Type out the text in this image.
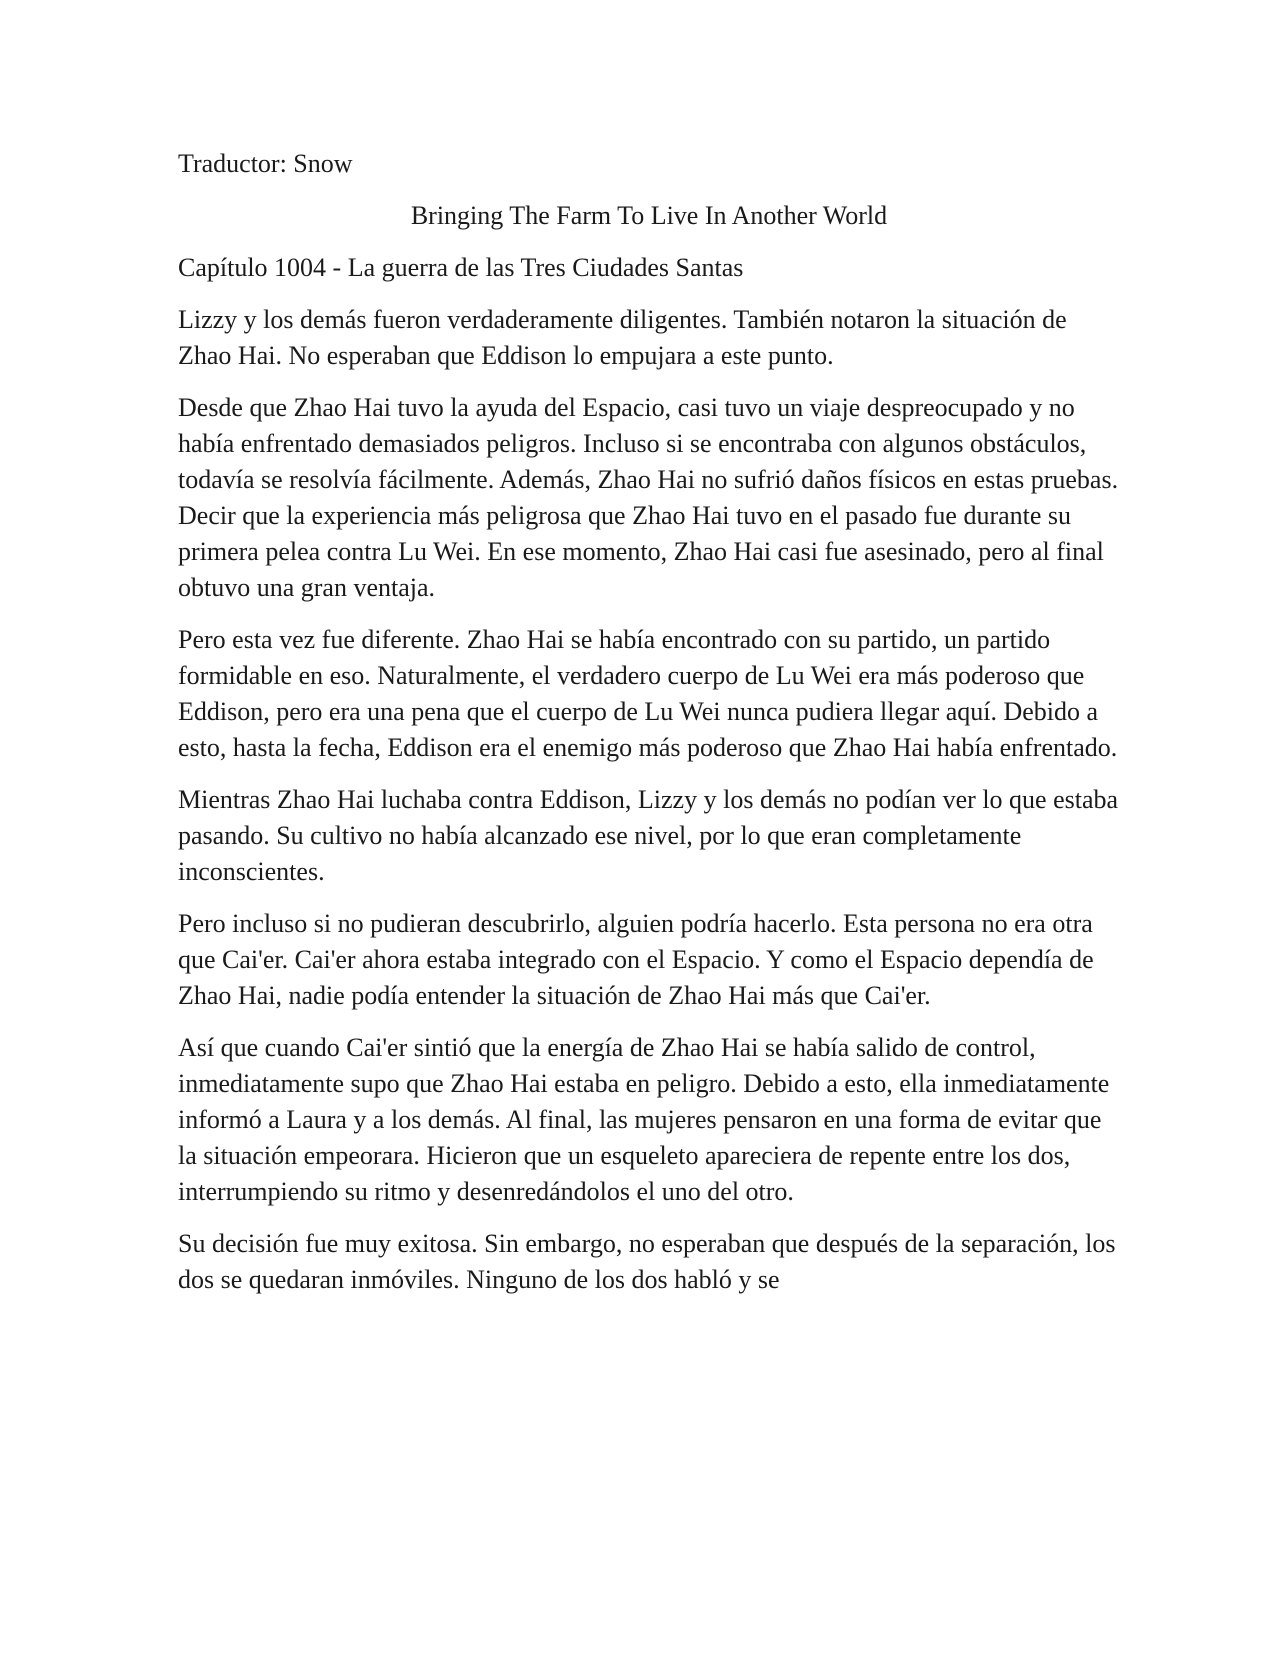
Traductor: Snow

Bringing The Farm To Live In Another World

Capítulo 1004 - La guerra de las Tres Ciudades Santas

Lizzy y los demás fueron verdaderamente diligentes. También notaron la situación de Zhao Hai. No esperaban que Eddison lo empujara a este punto.

Desde que Zhao Hai tuvo la ayuda del Espacio, casi tuvo un viaje despreocupado y no había enfrentado demasiados peligros. Incluso si se encontraba con algunos obstáculos, todavía se resolvía fácilmente. Además, Zhao Hai no sufrió daños físicos en estas pruebas. Decir que la experiencia más peligrosa que Zhao Hai tuvo en el pasado fue durante su primera pelea contra Lu Wei. En ese momento, Zhao Hai casi fue asesinado, pero al final obtuvo una gran ventaja.

Pero esta vez fue diferente. Zhao Hai se había encontrado con su partido, un partido formidable en eso. Naturalmente, el verdadero cuerpo de Lu Wei era más poderoso que Eddison, pero era una pena que el cuerpo de Lu Wei nunca pudiera llegar aquí. Debido a esto, hasta la fecha, Eddison era el enemigo más poderoso que Zhao Hai había enfrentado.

Mientras Zhao Hai luchaba contra Eddison, Lizzy y los demás no podían ver lo que estaba pasando. Su cultivo no había alcanzado ese nivel, por lo que eran completamente inconscientes.

Pero incluso si no pudieran descubrirlo, alguien podría hacerlo. Esta persona no era otra que Cai'er. Cai'er ahora estaba integrado con el Espacio. Y como el Espacio dependía de Zhao Hai, nadie podía entender la situación de Zhao Hai más que Cai'er.

Así que cuando Cai'er sintió que la energía de Zhao Hai se había salido de control, inmediatamente supo que Zhao Hai estaba en peligro. Debido a esto, ella inmediatamente informó a Laura y a los demás. Al final, las mujeres pensaron en una forma de evitar que la situación empeorara. Hicieron que un esqueleto apareciera de repente entre los dos, interrumpiendo su ritmo y desenredándolos el uno del otro.

Su decisión fue muy exitosa. Sin embargo, no esperaban que después de la separación, los dos se quedaran inmóviles. Ninguno de los dos habló y se
